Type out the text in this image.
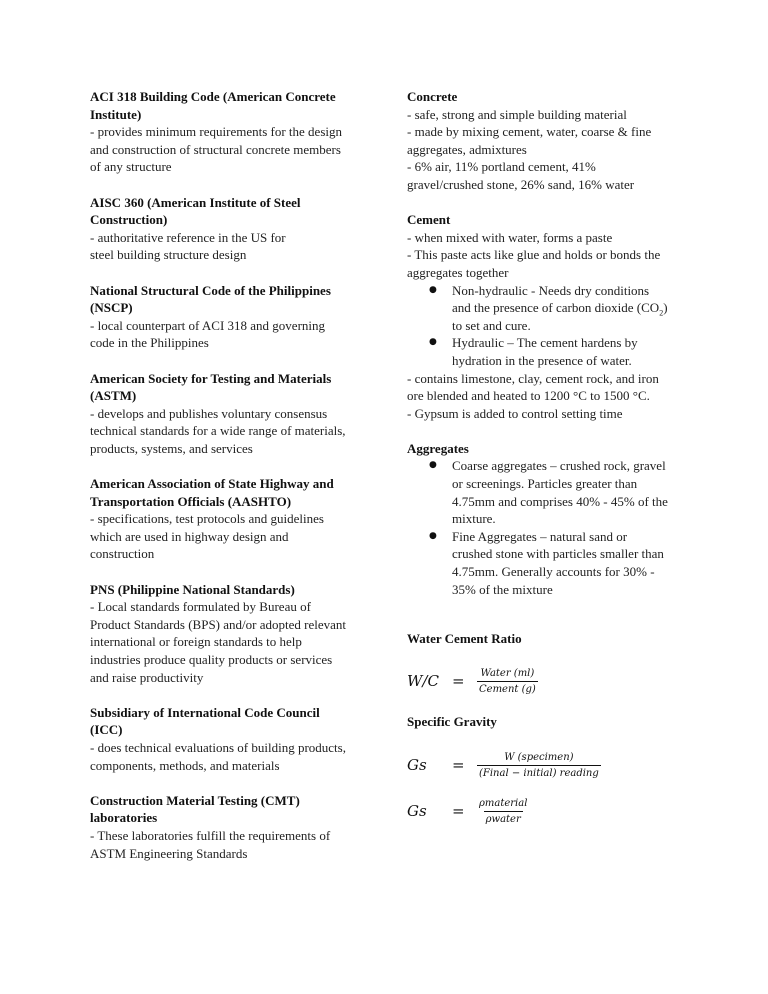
ACI 318 Building Code (American Concrete
Institute)
- provides minimum requirements for the design
and construction of structural concrete members
of any structure
AISC 360 (American Institute of Steel
Construction)
- authoritative reference in the US for
steel building structure design
National Structural Code of the Philippines
(NSCP)
- local counterpart of ACI 318 and governing
code in the Philippines
American Society for Testing and Materials
(ASTM)
- develops and publishes voluntary consensus
technical standards for a wide range of materials,
products, systems, and services
American Association of State Highway and
Transportation Officials (AASHTO)
- specifications, test protocols and guidelines
which are used in highway design and
construction
PNS (Philippine National Standards)
- Local standards formulated by Bureau of
Product Standards (BPS) and/or adopted relevant
international or foreign standards to help
industries produce quality products or services
and raise productivity
Subsidiary of International Code Council
(ICC)
- does technical evaluations of building products,
components, methods, and materials
Construction Material Testing (CMT)
laboratories
- These laboratories fulfill the requirements of
ASTM Engineering Standards
Concrete
- safe, strong and simple building material
- made by mixing cement, water, coarse & fine
aggregates, admixtures
- 6% air, 11% portland cement, 41%
gravel/crushed stone, 26% sand, 16% water
Cement
- when mixed with water, forms a paste
- This paste acts like glue and holds or bonds the
aggregates together
● Non-hydraulic - Needs dry conditions
and the presence of carbon dioxide $(CO_2)$
to set and cure.
● Hydraulic – The cement hardens by
hydration in the presence of water.
- contains limestone, clay, cement rock, and iron
ore blended and heated to 1200 °C to 1500 °C.
- Gypsum is added to control setting time
Aggregates
● Coarse aggregates – crushed rock, gravel
or screenings. Particles greater than
4.75mm and comprises 40% - 45% of the
mixture.
● Fine Aggregates – natural sand or
crushed stone with particles smaller than
4.75mm. Generally accounts for 30% -
35% of the mixture
Water Cement Ratio
W/C =	$\frac{\text{Water (ml)}}{\text{Cement (g)}}$
Specific Gravity
Gs	=	$\frac{\text{W (specimen)}}{\text{(Final − initial) reading}}$
Gs	=	$\frac{\text{ρmaterial}}{\text{ρwater}}$
